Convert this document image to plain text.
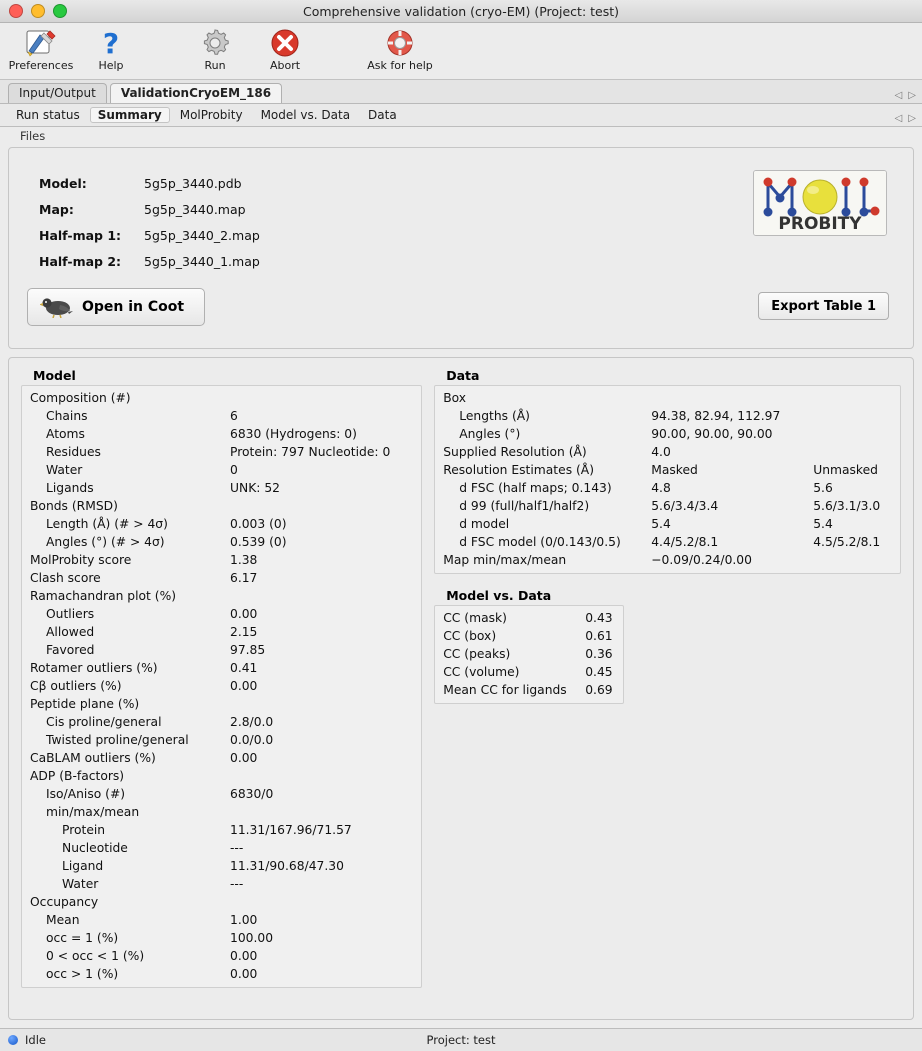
Comprehensive validation (cryo-EM) (Project: test)
Preferences
?
Help	Run	Abort	Ask for help
Input/Output	ValidationCryoEM_186	◁ ▷
Run status	Summary	MolProbity	Model vs. Data	Data	◁ ▷
Files
Model:	5g5p_3440.pdb
Map:	5g5p_3440.map
Half-map 1:	5g5p_3440_2.map
Half-map 2:	5g5p_3440_1.map
PROBITY
Open in Coot	Export Table 1
Model
Composition (#)
Chains	6
Atoms	6830 (Hydrogens: 0)
Residues	Protein: 797 Nucleotide: 0
Water	0
Ligands	UNK: 52
Bonds (RMSD)
Length (Å) (# > 4σ)	0.003 (0)
Angles (°) (# > 4σ)	0.539 (0)
MolProbity score	1.38
Clash score	6.17
Ramachandran plot (%)
Outliers	0.00
Allowed	2.15
Favored	97.85
Rotamer outliers (%)	0.41
Cβ outliers (%)	0.00
Peptide plane (%)
Cis proline/general	2.8/0.0
Twisted proline/general	0.0/0.0
CaBLAM outliers (%)	0.00
ADP (B-factors)
Iso/Aniso (#)	6830/0
min/max/mean
Protein	11.31/167.96/71.57
Nucleotide	---
Ligand	11.31/90.68/47.30
Water	---
Occupancy
Mean	1.00
occ = 1 (%)	100.00
0 < occ < 1 (%)	0.00
occ > 1 (%)	0.00
Data
Box
Lengths (Å)	94.38, 82.94, 112.97
Angles (°)	90.00, 90.00, 90.00
Supplied Resolution (Å)	4.0
Resolution Estimates (Å)	Masked	Unmasked
d FSC (half maps; 0.143)	4.8	5.6
d 99 (full/half1/half2)	5.6/3.4/3.4	5.6/3.1/3.0
d model	5.4	5.4
d FSC model (0/0.143/0.5) 4.4/5.2/8.1	4.5/5.2/8.1
Map min/max/mean	−0.09/0.24/0.00
Model vs. Data
CC (mask)	0.43
CC (box)	0.61
CC (peaks)	0.36
CC (volume)	0.45
Mean CC for ligands 0.69
Idle	Project: test
